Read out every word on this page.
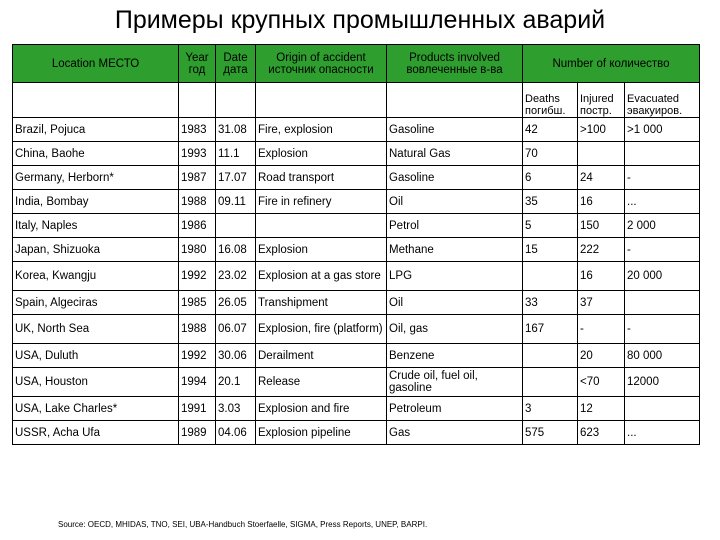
Примеры крупных промышленных аварий
Location МЕСТО	Year год	Date дата	Origin of accident источник опасности	Products involved вовлеченные в-ва	Number of количество		
					Deaths погибш.	Injured постр.	Evacuated эвакуиров.
Brazil, Pojuca	1983	31.08	Fire, explosion	Gasoline	42	>100	>1 000
China, Baohe	1993	11.1	Explosion	Natural Gas	70		
Germany, Herborn*	1987	17.07	Road transport	Gasoline	6	24	-
India, Bombay	1988	09.11	Fire in refinery	Oil	35	16	...
Italy, Naples	1986			Petrol	5	150	2 000
Japan, Shizuoka	1980	16.08	Explosion	Methane	15	222	-
Korea, Kwangju	1992	23.02	Explosion at a gas store	LPG		16	20 000
Spain, Algeciras	1985	26.05	Transhipment	Oil	33	37	
UK, North Sea	1988	06.07	Explosion, fire (platform)	Oil, gas	167	-	-
USA, Duluth	1992	30.06	Derailment	Benzene		20	80 000
USA, Houston	1994	20.1	Release	Crude oil, fuel oil, gasoline		<70	12000
USA, Lake Charles*	1991	3.03	Explosion and fire	Petroleum	3	12	
USSR, Acha Ufa	1989	04.06	Explosion pipeline	Gas	575	623	...
Source: OECD, MHIDAS, TNO, SEI, UBA-Handbuch Stoerfaelle, SIGMA, Press Reports, UNEP, BARPI.
